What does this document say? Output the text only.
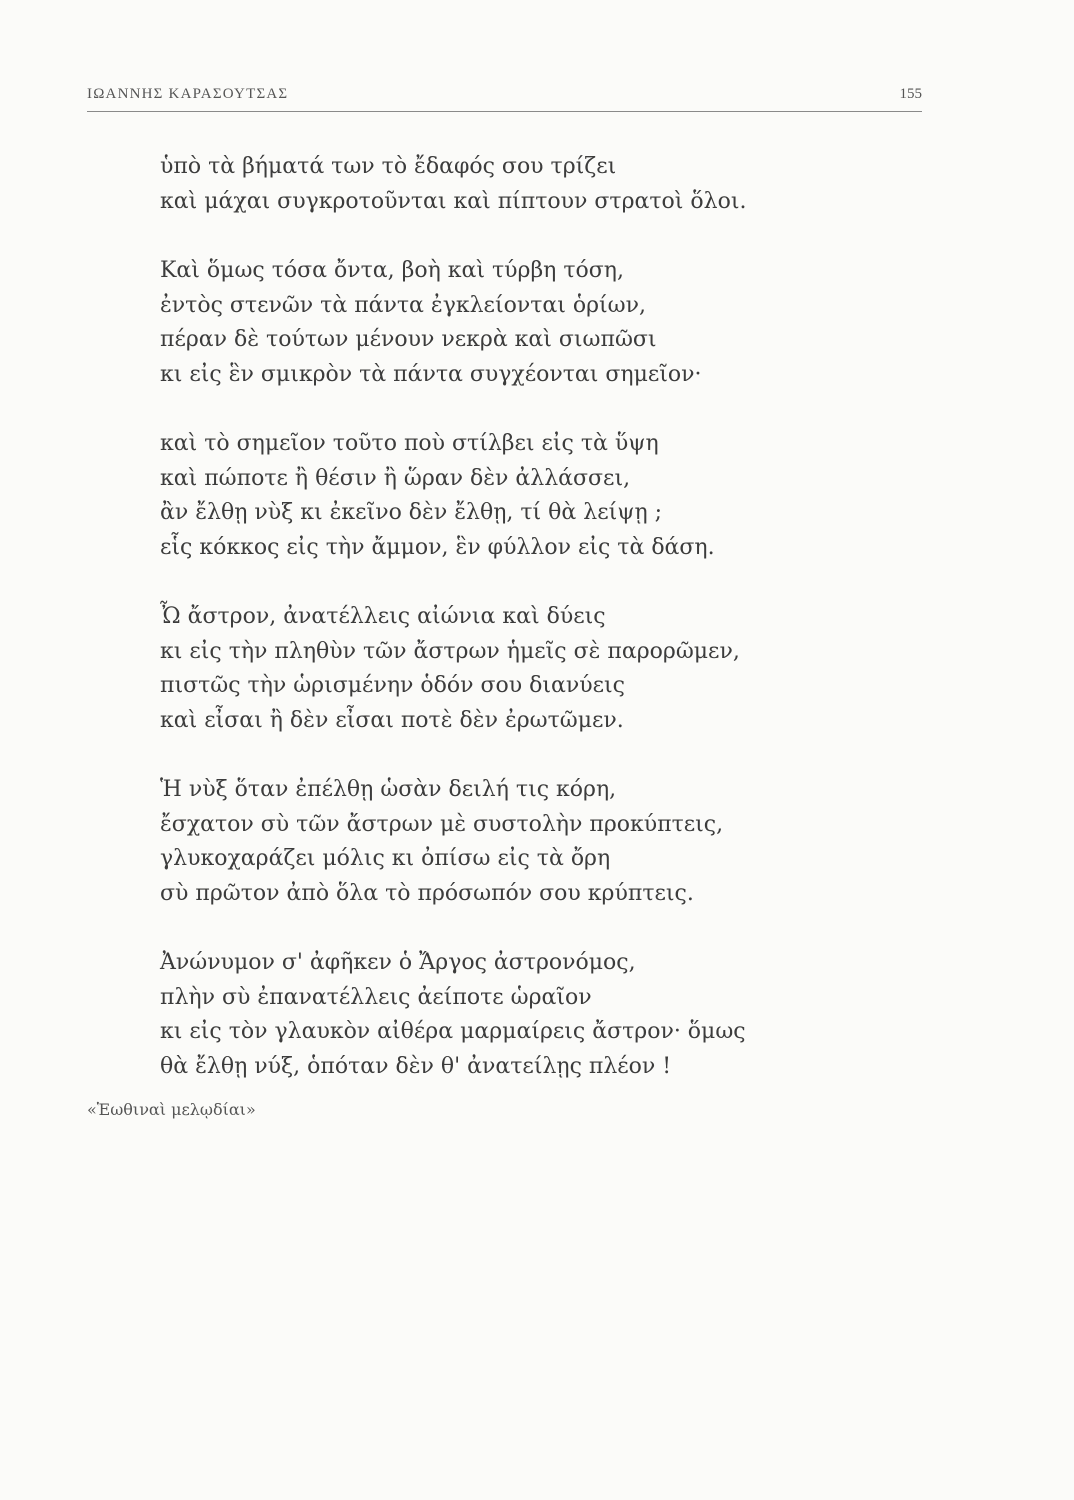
ΙΩΑΝΝΗΣ ΚΑΡΑΣΟΥΤΣΑΣ	155
ὑπὸ τὰ βήματά των τὸ ἔδαφός σου τρίζει
καὶ μάχαι συγκροτοῦνται καὶ πίπτουν στρατοὶ ὅλοι.
Καὶ ὅμως τόσα ὄντα, βοὴ καὶ τύρβη τόση,
ἐντὸς στενῶν τὰ πάντα ἐγκλείονται ὁρίων,
πέραν δὲ τούτων μένουν νεκρὰ καὶ σιωπῶσι
κι εἰς ἓν σμικρὸν τὰ πάντα συγχέονται σημεῖον·
καὶ τὸ σημεῖον τοῦτο ποὺ στίλβει εἰς τὰ ὕψη
καὶ πώποτε ἢ θέσιν ἢ ὥραν δὲν ἀλλάσσει,
ἂν ἔλθῃ νὺξ κι ἐκεῖνο δὲν ἔλθῃ, τί θὰ λείψῃ ;
εἷς κόκκος εἰς τὴν ἄμμον, ἓν φύλλον εἰς τὰ δάση.
Ὦ ἄστρον, ἀνατέλλεις αἰώνια καὶ δύεις
κι εἰς τὴν πληθὺν τῶν ἄστρων ἡμεῖς σὲ παρορῶμεν,
πιστῶς τὴν ὡρισμένην ὁδόν σου διανύεις
καὶ εἶσαι ἢ δὲν εἶσαι ποτὲ δὲν ἐρωτῶμεν.
Ἡ νὺξ ὅταν ἐπέλθῃ ὡσὰν δειλή τις κόρη,
ἔσχατον σὺ τῶν ἄστρων μὲ συστολὴν προκύπτεις,
γλυκοχαράζει μόλις κι ὀπίσω εἰς τὰ ὄρη
σὺ πρῶτον ἀπὸ ὅλα τὸ πρόσωπόν σου κρύπτεις.
Ἀνώνυμον σ' ἀφῆκεν ὁ Ἄργος ἀστρονόμος,
πλὴν σὺ ἐπανατέλλεις ἀείποτε ὡραῖον
κι εἰς τὸν γλαυκὸν αἰθέρα μαρμαίρεις ἄστρον· ὅμως
θὰ ἔλθῃ νύξ, ὁπόταν δὲν θ' ἀνατείλῃς πλέον !
«Ἑωθιναὶ μελῳδίαι»
